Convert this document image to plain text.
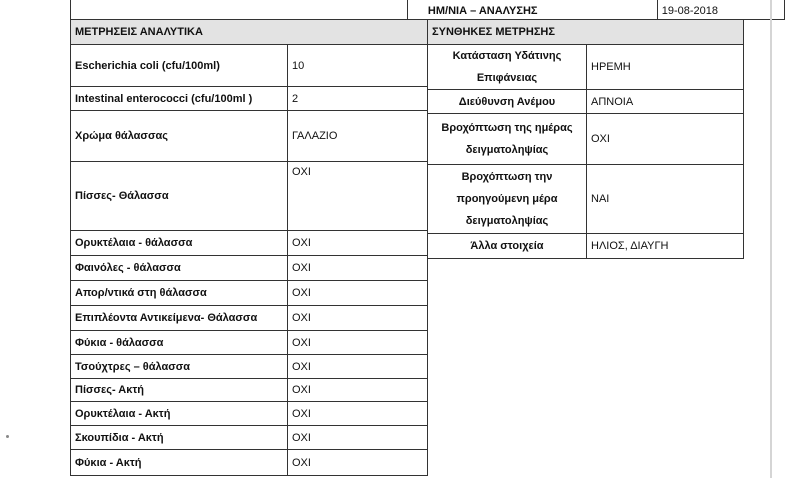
	ΗΜ/ΝΙΑ – ΑΝΑΛΥΣΗΣ	19-08-2018
ΜΕΤΡΗΣΕΙΣ ΑΝΑΛΥΤΙΚΑ	
Escherichia coli (cfu/100ml)	10
Intestinal enterococci (cfu/100ml )	2
Χρώμα θάλασσας	ΓΑΛΑΖΙΟ
Πίσσες- Θάλασσα	ΟΧΙ
Ορυκτέλαια - θάλασσα	ΟΧΙ
Φαινόλες - θάλασσα	ΟΧΙ
Απορ/ντικά στη θάλασσα	ΟΧΙ
Επιπλέοντα Αντικείμενα- Θάλασσα	ΟΧΙ
Φύκια - θάλασσα	ΟΧΙ
Τσούχτρες – θάλασσα	ΟΧΙ
Πίσσες- Ακτή	ΟΧΙ
Ορυκτέλαια - Ακτή	ΟΧΙ
Σκουπίδια - Ακτή	ΟΧΙ
Φύκια - Ακτή	ΟΧΙ
ΣΥΝΘΗΚΕΣ ΜΕΤΡΗΣΗΣ	

Κατάσταση Υδάτινης
Επιφάνειας	ΗΡΕΜΗ

Διεύθυνση Ανέμου	ΑΠΝΟΙΑ

Βροχόπτωση της ημέρας
δειγματοληψίας	ΟΧΙ

Βροχόπτωση την
προηγούμενη μέρα
δειγματοληψίας	ΝΑΙ

Άλλα στοιχεία	ΗΛΙΟΣ, ΔΙΑΥΓΗ
